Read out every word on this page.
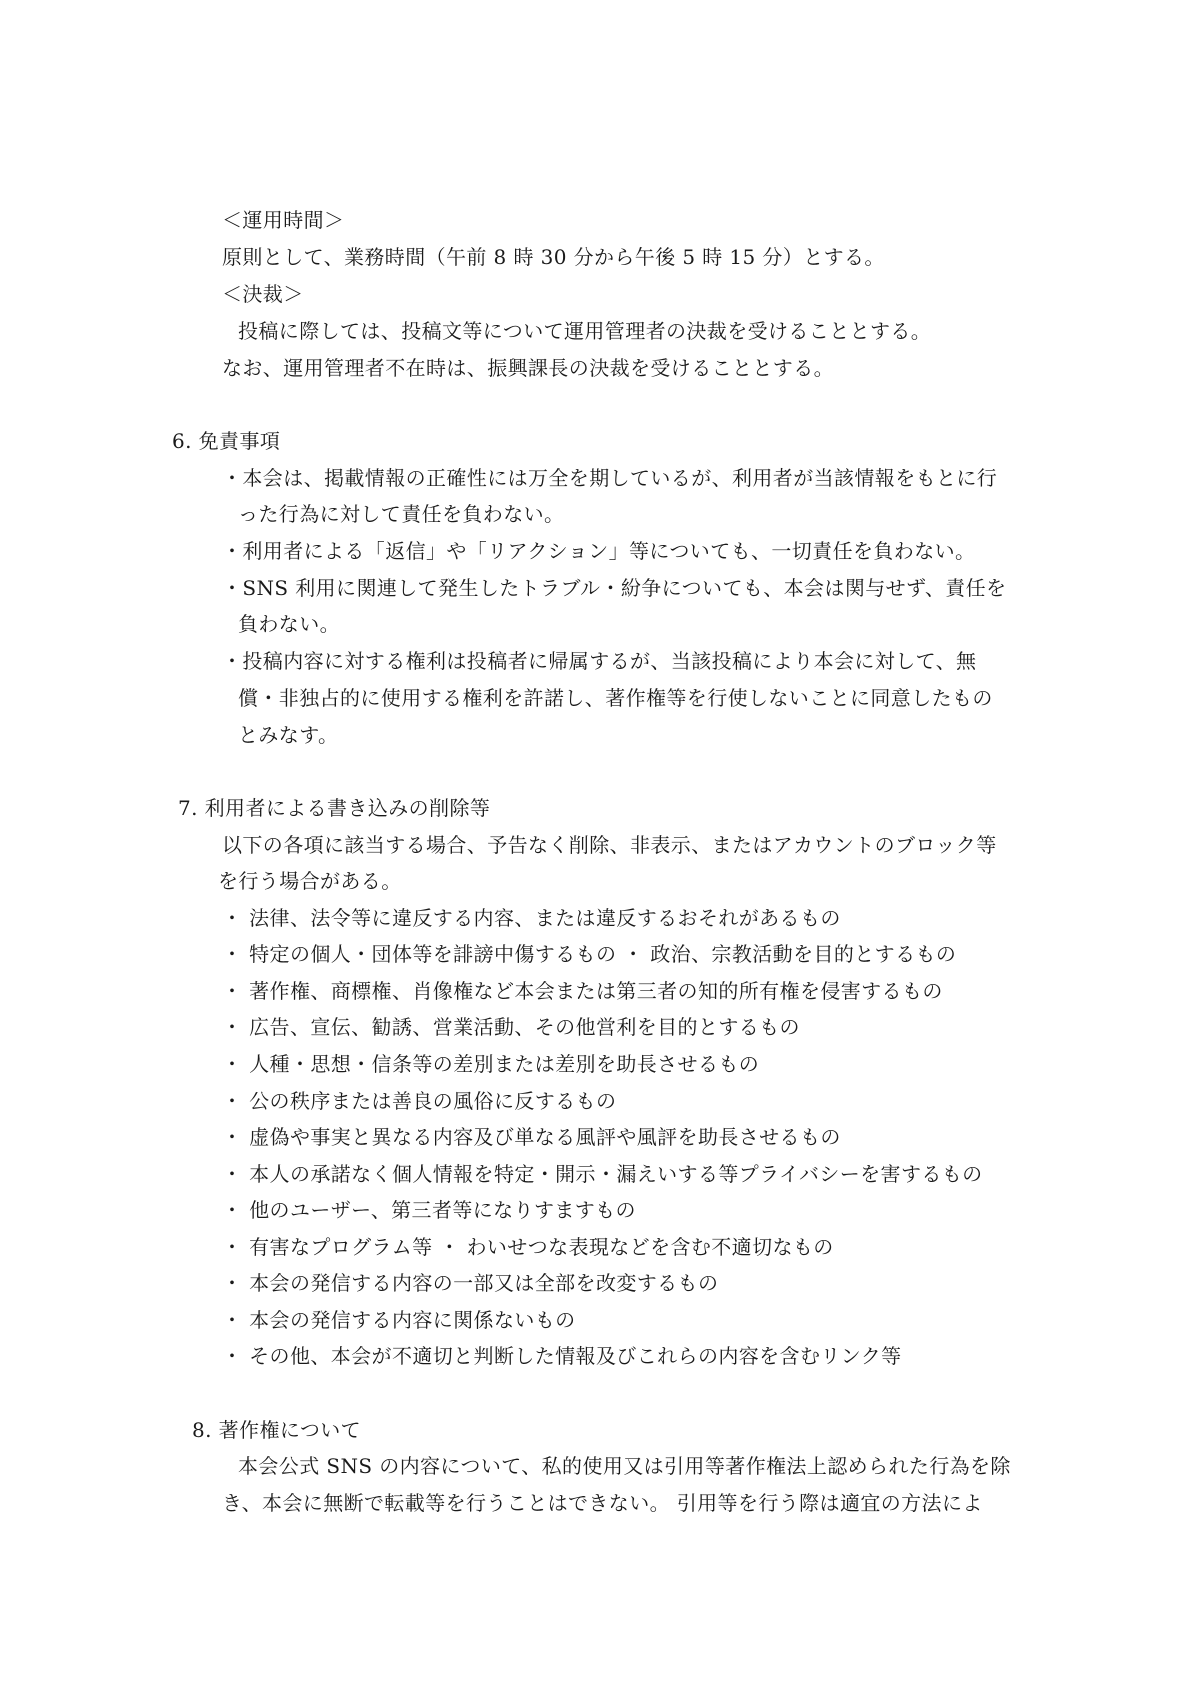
＜運用時間＞
原則として、業務時間（午前 8 時 30 分から午後 5 時 15 分）とする。
＜決裁＞
投稿に際しては、投稿文等について運用管理者の決裁を受けることとする。
なお、運用管理者不在時は、振興課長の決裁を受けることとする。
6. 免責事項
・本会は、掲載情報の正確性には万全を期しているが、利用者が当該情報をもとに行
った行為に対して責任を負わない。
・利用者による「返信」や「リアクション」等についても、一切責任を負わない。
・SNS 利用に関連して発生したトラブル・紛争についても、本会は関与せず、責任を
負わない。
・投稿内容に対する権利は投稿者に帰属するが、当該投稿により本会に対して、無
償・非独占的に使用する権利を許諾し、著作権等を行使しないことに同意したもの
とみなす。
7. 利用者による書き込みの削除等
以下の各項に該当する場合、予告なく削除、非表示、またはアカウントのブロック等
を行う場合がある。
・ 法律、法令等に違反する内容、または違反するおそれがあるもの
・ 特定の個人・団体等を誹謗中傷するもの ・ 政治、宗教活動を目的とするもの
・ 著作権、商標権、肖像権など本会または第三者の知的所有権を侵害するもの
・ 広告、宣伝、勧誘、営業活動、その他営利を目的とするもの
・ 人種・思想・信条等の差別または差別を助長させるもの
・ 公の秩序または善良の風俗に反するもの
・ 虚偽や事実と異なる内容及び単なる風評や風評を助長させるもの
・ 本人の承諾なく個人情報を特定・開示・漏えいする等プライバシーを害するもの
・ 他のユーザー、第三者等になりすますもの
・ 有害なプログラム等 ・ わいせつな表現などを含む不適切なもの
・ 本会の発信する内容の一部又は全部を改変するもの
・ 本会の発信する内容に関係ないもの
・ その他、本会が不適切と判断した情報及びこれらの内容を含むリンク等
8. 著作権について
本会公式 SNS の内容について、私的使用又は引用等著作権法上認められた行為を除
き、本会に無断で転載等を行うことはできない。 引用等を行う際は適宜の方法によ
